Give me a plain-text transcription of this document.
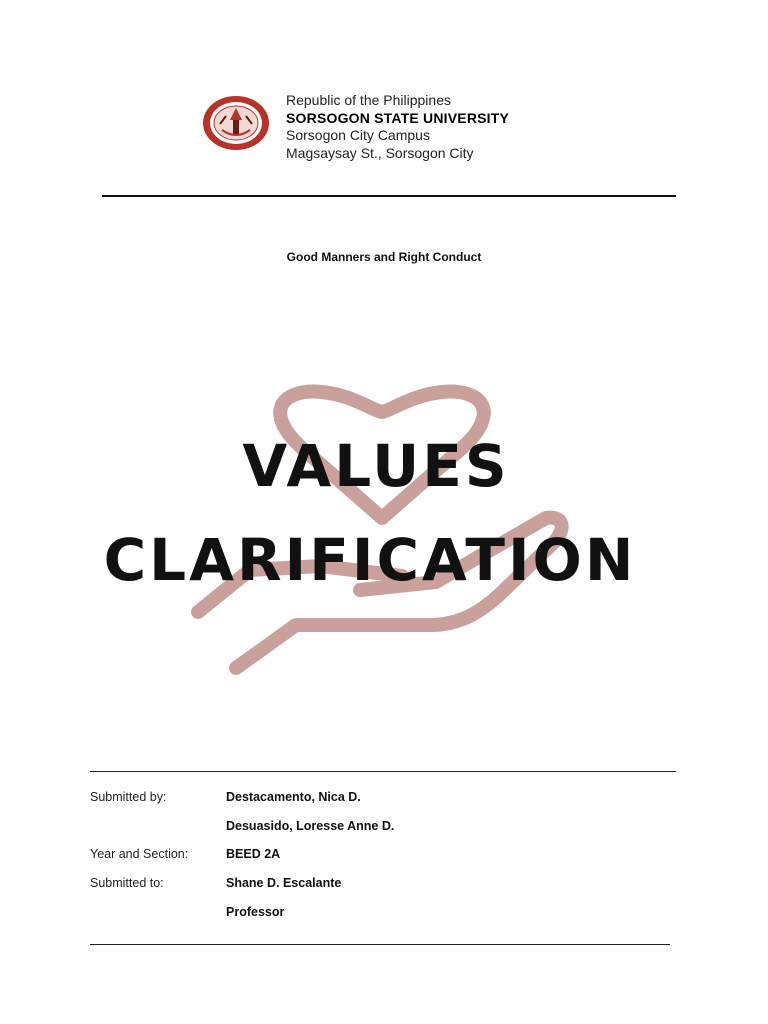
Republic of the Philippines
SORSOGON STATE UNIVERSITY
Sorsogon City Campus
Magsaysay St., Sorsogon City
Good Manners and Right Conduct
VALUES
CLARIFICATION
Submitted by:	Destacamento, Nica D.
Desuasido, Loresse Anne D.
Year and Section:	BEED 2A
Submitted to:	Shane D. Escalante
Professor
